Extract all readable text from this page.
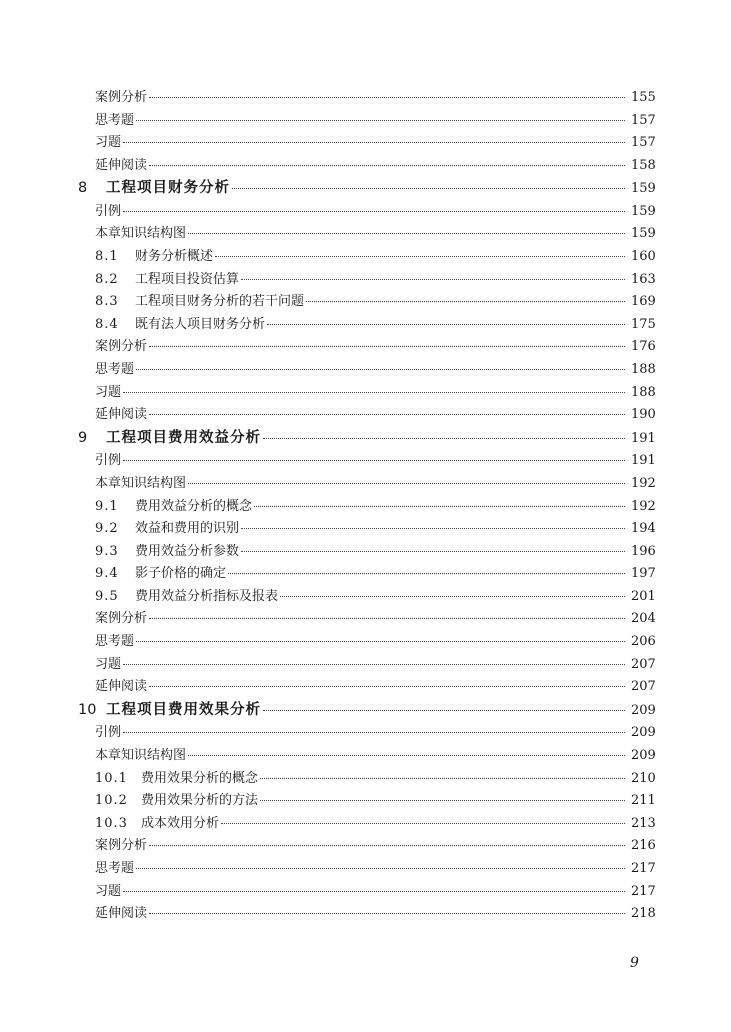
案例分析	155
思考题	157
习题	157
延伸阅读	158
8	工程项目财务分析	159
引例	159
本章知识结构图	159
8.1	财务分析概述	160
8.2	工程项目投资估算	163
8.3	工程项目财务分析的若干问题	169
8.4	既有法人项目财务分析	175
案例分析	176
思考题	188
习题	188
延伸阅读	190
9	工程项目费用效益分析	191
引例	191
本章知识结构图	192
9.1	费用效益分析的概念	192
9.2	效益和费用的识别	194
9.3	费用效益分析参数	196
9.4	影子价格的确定	197
9.5	费用效益分析指标及报表	201
案例分析	204
思考题	206
习题	207
延伸阅读	207
10 工程项目费用效果分析	209
引例	209
本章知识结构图	209
10.1	费用效果分析的概念	210
10.2	费用效果分析的方法	211
10.3	成本效用分析	213
案例分析	216
思考题	217
习题	217
延伸阅读	218
9
